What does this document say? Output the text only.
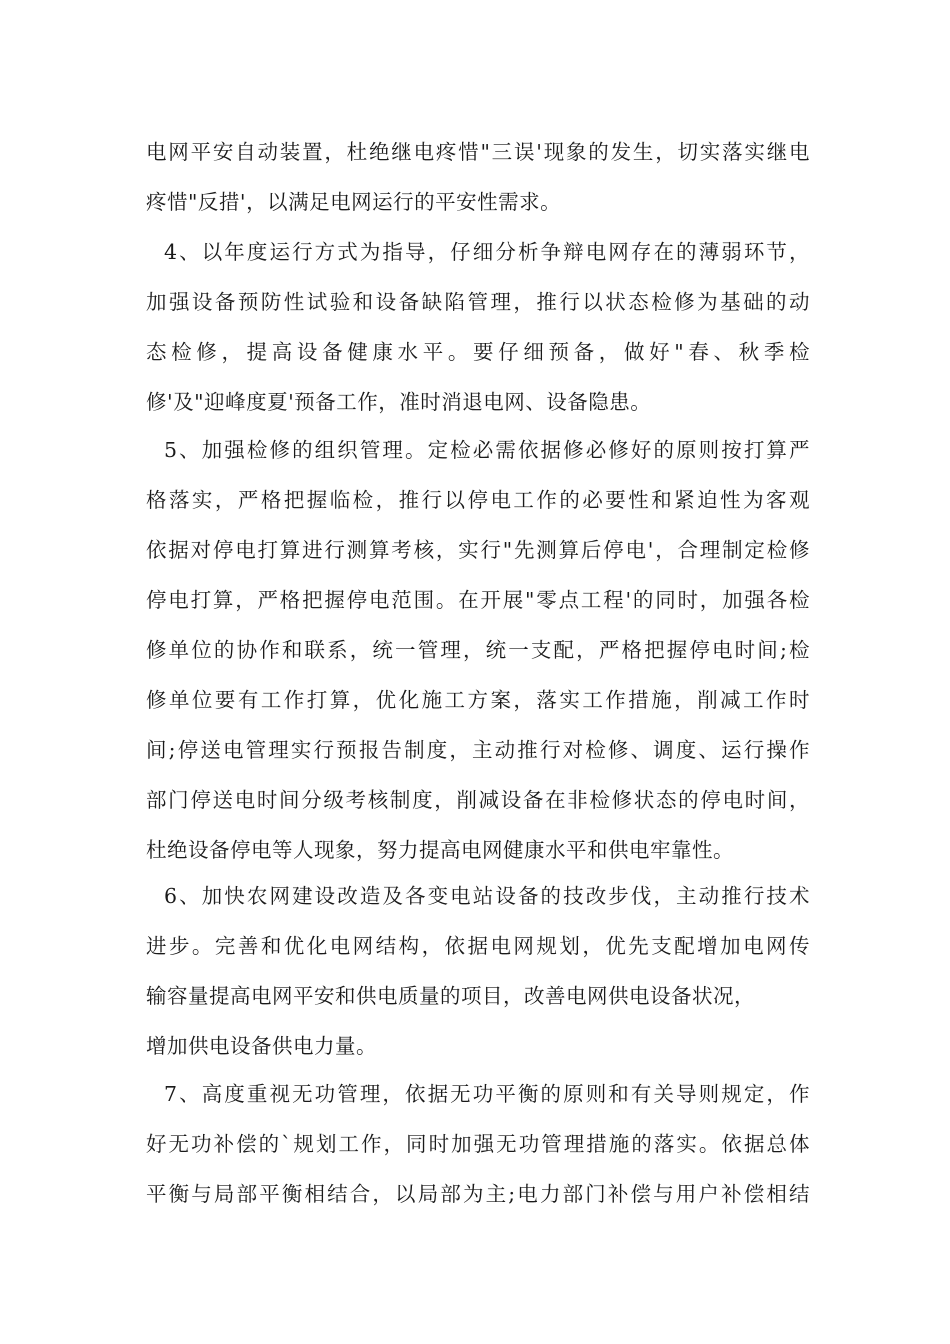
电网平安自动装置，杜绝继电疼惜"三误'现象的发生，切实落实继电
疼惜"反措'，以满足电网运行的平安性需求。
4、以年度运行方式为指导，仔细分析争辩电网存在的薄弱环节，
加强设备预防性试验和设备缺陷管理，推行以状态检修为基础的动
态检修，提高设备健康水平。要仔细预备，做好"春、秋季检
修'及"迎峰度夏'预备工作，准时消退电网、设备隐患。
5、加强检修的组织管理。定检必需依据修必修好的原则按打算严
格落实，严格把握临检，推行以停电工作的必要性和紧迫性为客观
依据对停电打算进行测算考核，实行"先测算后停电'，合理制定检修
停电打算，严格把握停电范围。在开展"零点工程'的同时，加强各检
修单位的协作和联系，统一管理，统一支配，严格把握停电时间;检
修单位要有工作打算，优化施工方案，落实工作措施，削减工作时
间;停送电管理实行预报告制度，主动推行对检修、调度、运行操作
部门停送电时间分级考核制度，削减设备在非检修状态的停电时间，
杜绝设备停电等人现象，努力提高电网健康水平和供电牢靠性。
6、加快农网建设改造及各变电站设备的技改步伐，主动推行技术
进步。完善和优化电网结构，依据电网规划，优先支配增加电网传
输容量提高电网平安和供电质量的项目，改善电网供电设备状况，
增加供电设备供电力量。
7、高度重视无功管理，依据无功平衡的原则和有关导则规定，作
好无功补偿的`规划工作，同时加强无功管理措施的落实。依据总体
平衡与局部平衡相结合，以局部为主;电力部门补偿与用户补偿相结
